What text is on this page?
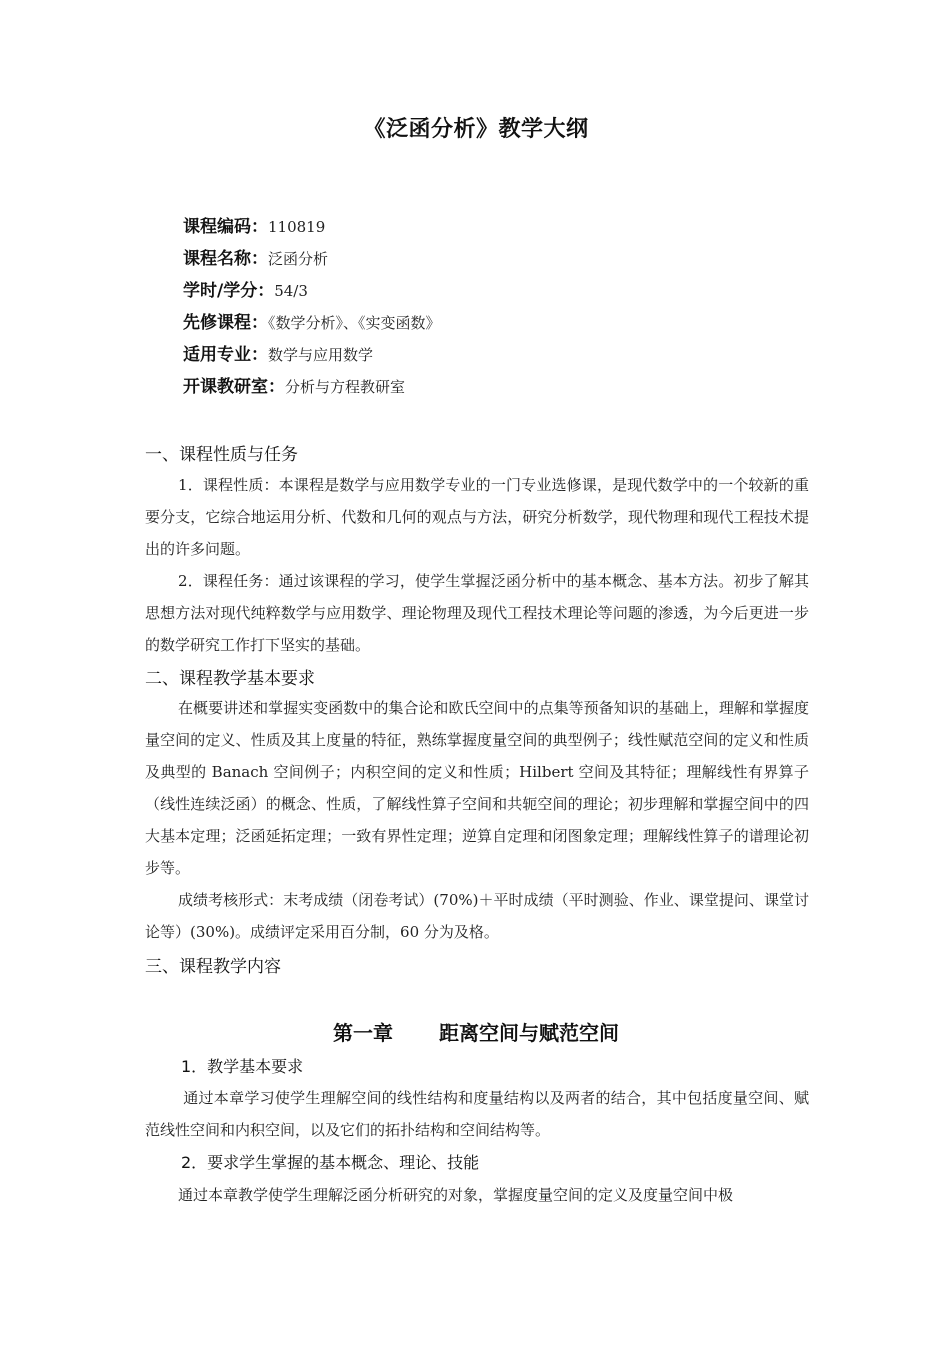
《泛函分析》教学大纲
课程编码：110819
课程名称：泛函分析
学时/学分：54/3
先修课程：《数学分析》、《实变函数》
适用专业：数学与应用数学
开课教研室：分析与方程教研室
一、课程性质与任务
1．课程性质：本课程是数学与应用数学专业的一门专业选修课，是现代数学中的一个较新的重要分支，它综合地运用分析、代数和几何的观点与方法，研究分析数学，现代物理和现代工程技术提出的许多问题。
2．课程任务：通过该课程的学习，使学生掌握泛函分析中的基本概念、基本方法。初步了解其思想方法对现代纯粹数学与应用数学、理论物理及现代工程技术理论等问题的渗透，为今后更进一步的数学研究工作打下坚实的基础。
二、课程教学基本要求
在概要讲述和掌握实变函数中的集合论和欧氏空间中的点集等预备知识的基础上，理解和掌握度量空间的定义、性质及其上度量的特征，熟练掌握度量空间的典型例子；线性赋范空间的定义和性质及典型的 Banach 空间例子；内积空间的定义和性质；Hilbert 空间及其特征；理解线性有界算子（线性连续泛函）的概念、性质，了解线性算子空间和共轭空间的理论；初步理解和掌握空间中的四大基本定理；泛函延拓定理；一致有界性定理；逆算自定理和闭图象定理；理解线性算子的谱理论初步等。
成绩考核形式：末考成绩（闭卷考试）(70%)＋平时成绩（平时测验、作业、课堂提问、课堂讨论等）(30%)。成绩评定采用百分制，60 分为及格。
三、课程教学内容
第一章 距离空间与赋范空间
1．教学基本要求
通过本章学习使学生理解空间的线性结构和度量结构以及两者的结合，其中包括度量空间、赋范线性空间和内积空间，以及它们的拓扑结构和空间结构等。
2．要求学生掌握的基本概念、理论、技能
通过本章教学使学生理解泛函分析研究的对象，掌握度量空间的定义及度量空间中极
